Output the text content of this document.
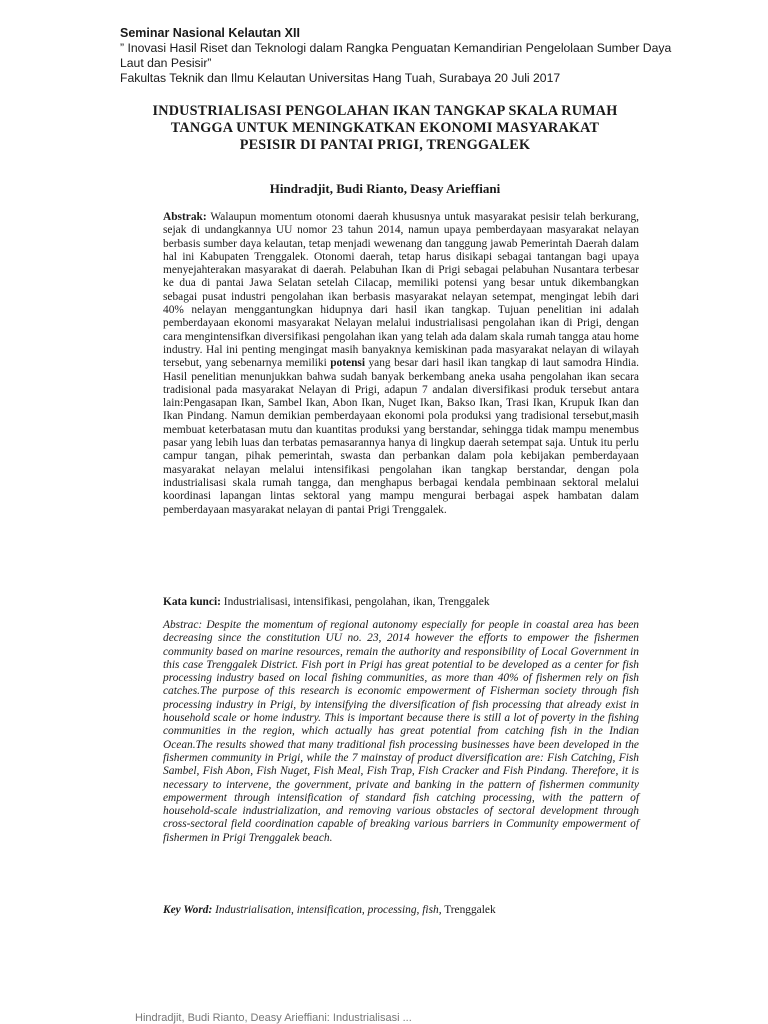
Seminar Nasional Kelautan XII
” Inovasi Hasil Riset dan Teknologi dalam Rangka Penguatan Kemandirian Pengelolaan Sumber Daya Laut dan Pesisir”
Fakultas Teknik dan Ilmu Kelautan Universitas Hang Tuah, Surabaya 20 Juli 2017
INDUSTRIALISASI PENGOLAHAN IKAN TANGKAP SKALA RUMAH TANGGA UNTUK MENINGKATKAN EKONOMI MASYARAKAT PESISIR DI PANTAI PRIGI, TRENGGALEK
Hindradjit, Budi Rianto, Deasy Arieffiani
Abstrak: Walaupun momentum otonomi daerah khususnya untuk masyarakat pesisir telah berkurang, sejak di undangkannya UU nomor 23 tahun 2014, namun upaya pemberdayaan masyarakat nelayan berbasis sumber daya kelautan, tetap menjadi wewenang dan tanggung jawab Pemerintah Daerah dalam hal ini Kabupaten Trenggalek. Otonomi daerah, tetap harus disikapi sebagai tantangan bagi upaya menyejahterakan masyarakat di daerah. Pelabuhan Ikan di Prigi sebagai pelabuhan Nusantara terbesar ke dua di pantai Jawa Selatan setelah Cilacap, memiliki potensi yang besar untuk dikembangkan sebagai pusat industri pengolahan ikan berbasis masyarakat nelayan setempat, mengingat lebih dari 40% nelayan menggantungkan hidupnya dari hasil ikan tangkap. Tujuan penelitian ini adalah pemberdayaan ekonomi masyarakat Nelayan melalui industrialisasi pengolahan ikan di Prigi, dengan cara mengintensifkan diversifikasi pengolahan ikan yang telah ada dalam skala rumah tangga atau home industry. Hal ini penting mengingat masih banyaknya kemiskinan pada masyarakat nelayan di wilayah tersebut, yang sebenarnya memiliki potensi yang besar dari hasil ikan tangkap di laut samodra Hindia. Hasil penelitian menunjukkan bahwa sudah banyak berkembang aneka usaha pengolahan ikan secara tradisional pada masyarakat Nelayan di Prigi, adapun 7 andalan diversifikasi produk tersebut antara lain:Pengasapan Ikan, Sambel Ikan, Abon Ikan, Nuget Ikan, Bakso Ikan, Trasi Ikan, Krupuk Ikan dan Ikan Pindang. Namun demikian pemberdayaan ekonomi pola produksi yang tradisional tersebut,masih membuat keterbatasan mutu dan kuantitas produksi yang berstandar, sehingga tidak mampu menembus pasar yang lebih luas dan terbatas pemasarannya hanya di lingkup daerah setempat saja. Untuk itu perlu campur tangan, pihak pemerintah, swasta dan perbankan dalam pola kebijakan pemberdayaan masyarakat nelayan melalui intensifikasi pengolahan ikan tangkap berstandar, dengan pola industrialisasi skala rumah tangga, dan menghapus berbagai kendala pembinaan sektoral melalui koordinasi lapangan lintas sektoral yang mampu mengurai berbagai aspek hambatan dalam pemberdayaan masyarakat nelayan di pantai Prigi Trenggalek.
Kata kunci: Industrialisasi, intensifikasi, pengolahan, ikan, Trenggalek
Abstrac: Despite the momentum of regional autonomy especially for people in coastal area has been decreasing since the constitution UU no. 23, 2014 however the efforts to empower the fishermen community based on marine resources, remain the authority and responsibility of Local Government in this case Trenggalek District. Fish port in Prigi has great potential to be developed as a center for fish processing industry based on local fishing communities, as more than 40% of fishermen rely on fish catches.The purpose of this research is economic empowerment of Fisherman society through fish processing industry in Prigi, by intensifying the diversification of fish processing that already exist in household scale or home industry. This is important because there is still a lot of poverty in the fishing communities in the region, which actually has great potential from catching fish in the Indian Ocean.The results showed that many traditional fish processing businesses have been developed in the fishermen community in Prigi, while the 7 mainstay of product diversification are: Fish Catching, Fish Sambel, Fish Abon, Fish Nuget, Fish Meal, Fish Trap, Fish Cracker and Fish Pindang. Therefore, it is necessary to intervene, the government, private and banking in the pattern of fishermen community empowerment through intensification of standard fish catching processing, with the pattern of household-scale industrialization, and removing various obstacles of sectoral development through cross-sectoral field coordination capable of breaking various barriers in Community empowerment of fishermen in Prigi Trenggalek beach.
Key Word: Industrialisation, intensification, processing, fish, Trenggalek
Hindradjit, Budi Rianto, Deasy Arieffiani: Industrialisasi ...
